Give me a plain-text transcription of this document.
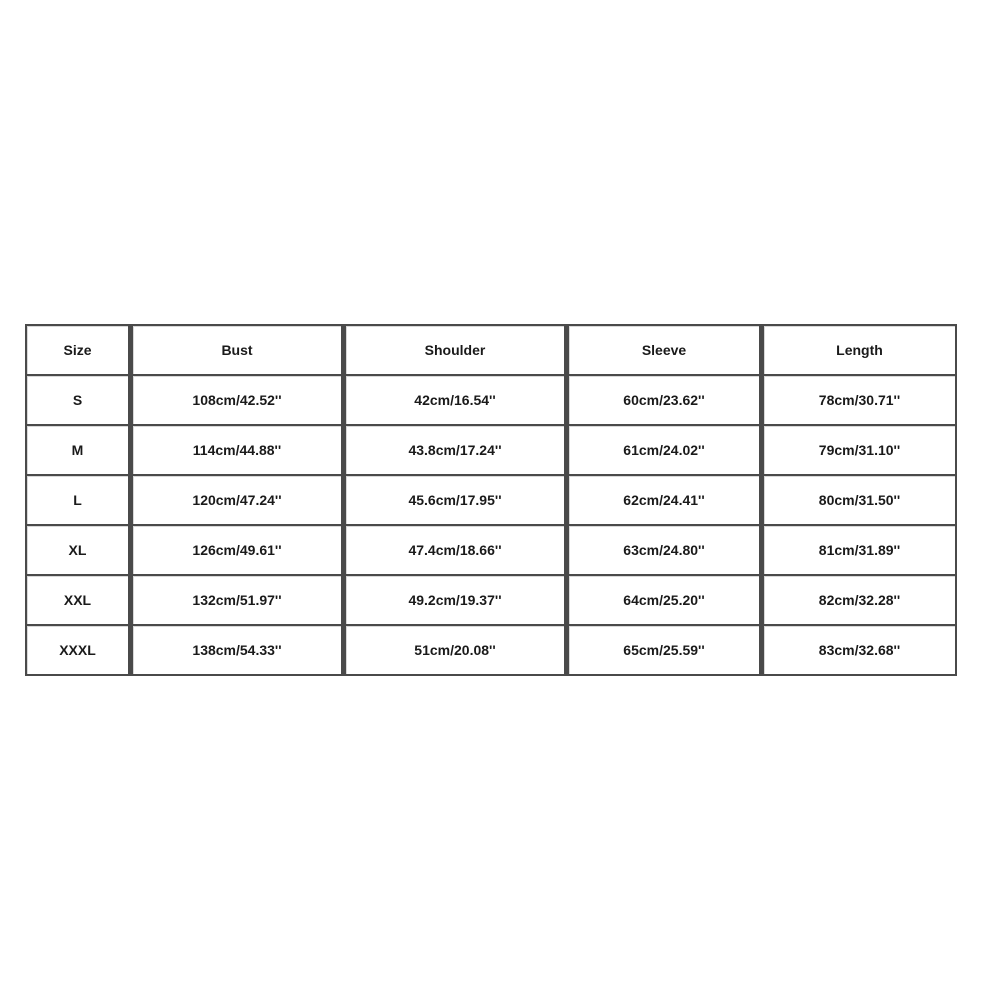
Size	Bust	Shoulder	Sleeve	Length
S	108cm/42.52''	42cm/16.54''	60cm/23.62''	78cm/30.71''
M	114cm/44.88''	43.8cm/17.24''	61cm/24.02''	79cm/31.10''
L	120cm/47.24''	45.6cm/17.95''	62cm/24.41''	80cm/31.50''
XL	126cm/49.61''	47.4cm/18.66''	63cm/24.80''	81cm/31.89''
XXL	132cm/51.97''	49.2cm/19.37''	64cm/25.20''	82cm/32.28''
XXXL	138cm/54.33''	51cm/20.08''	65cm/25.59''	83cm/32.68''
